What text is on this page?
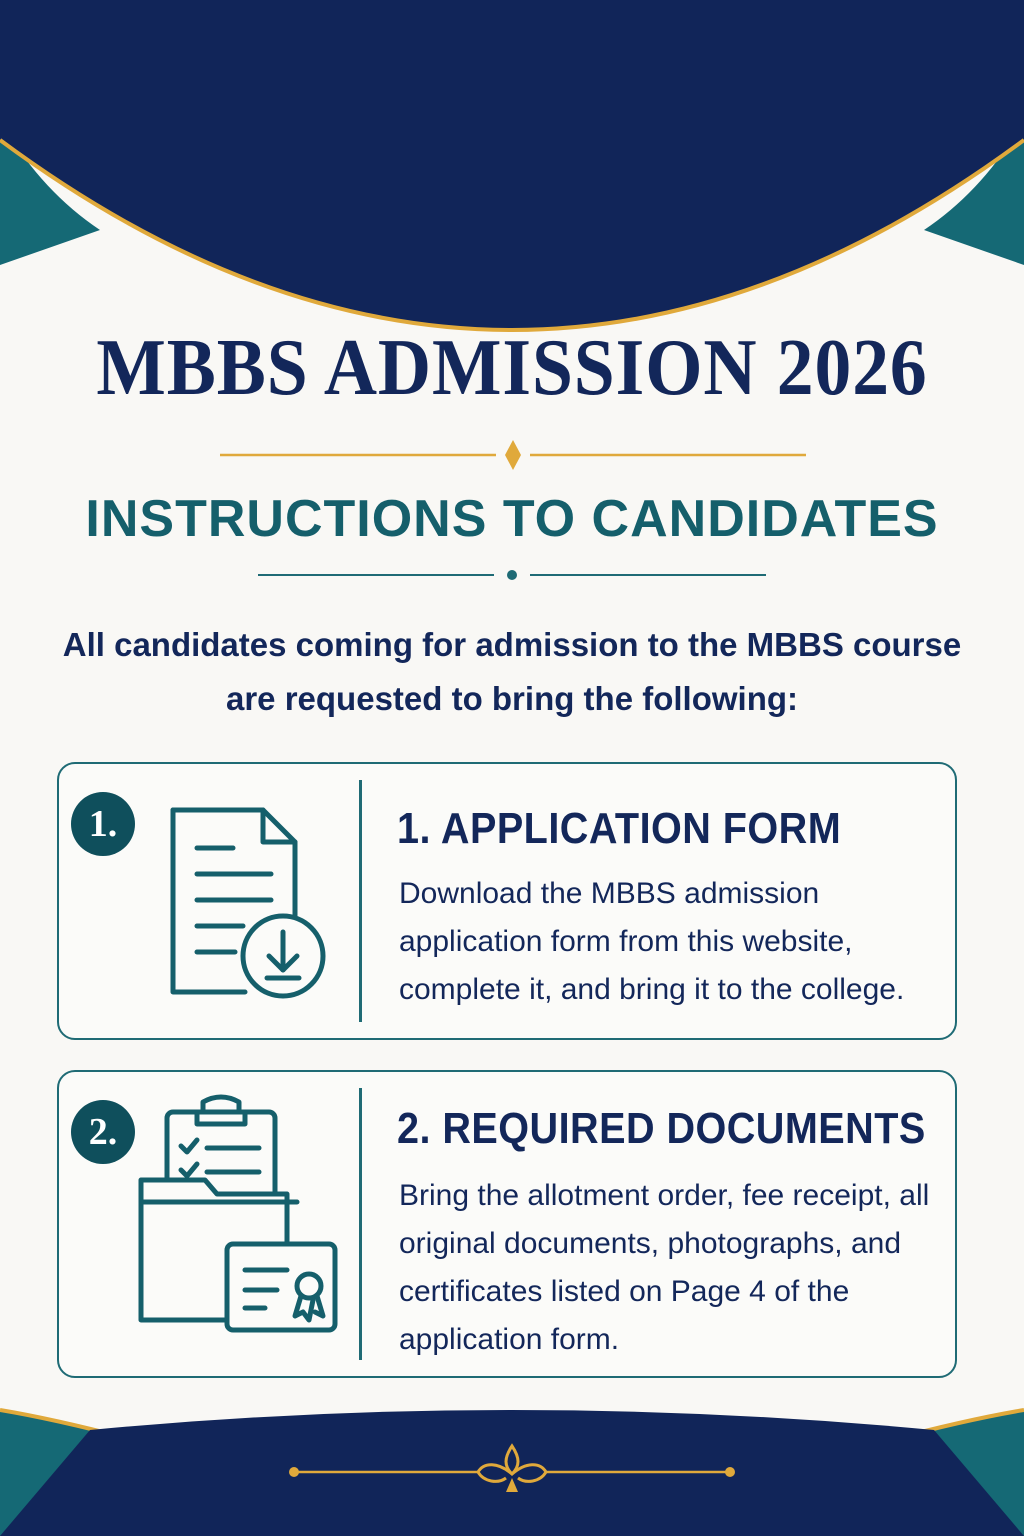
MBBS ADMISSION 2026
INSTRUCTIONS TO CANDIDATES
All candidates coming for admission to the MBBS course are requested to bring the following:
1.	1. APPLICATION FORM
Download the MBBS admission application form from this website, complete it, and bring it to the college.
2.	2. REQUIRED DOCUMENTS
Bring the allotment order, fee receipt, all original documents, photographs, and certificates listed on Page 4 of the application form.
